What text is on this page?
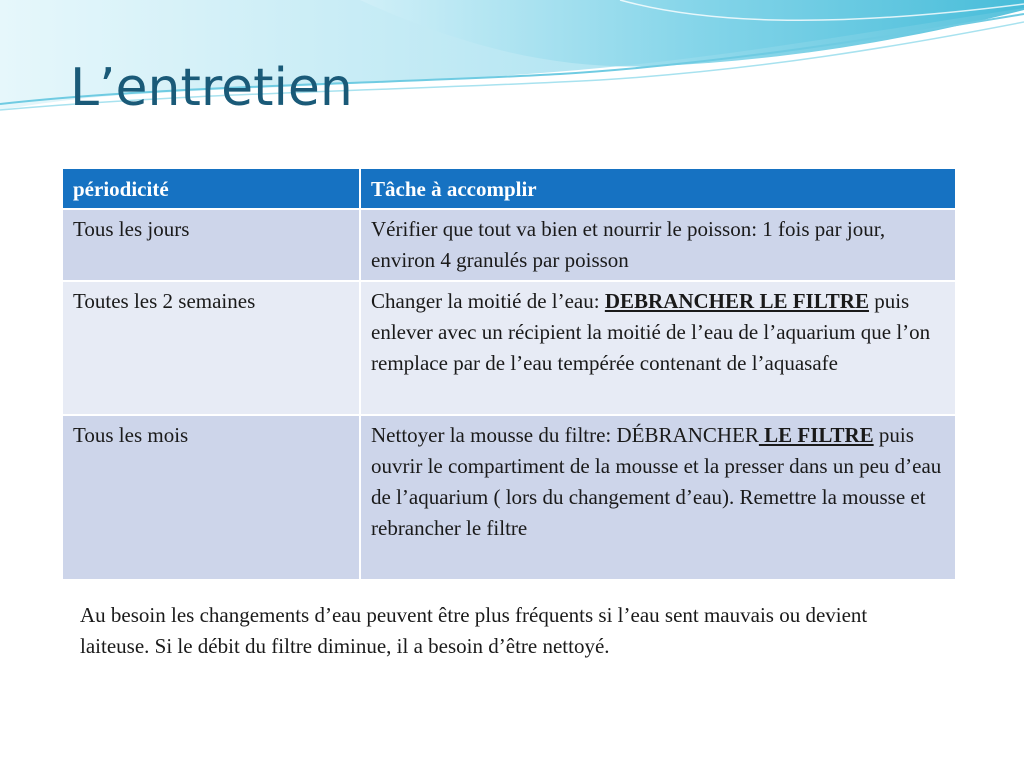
L’entretien
périodicité	Tâche à accomplir
Tous les jours	Vérifier que tout va bien et nourrir le poisson: 1 fois par jour, environ 4 granulés par poisson
Toutes les 2 semaines	Changer la moitié de l’eau: DEBRANCHER LE FILTRE puis enlever avec un récipient la moitié de l’eau de l’aquarium que l’on remplace par de l’eau tempérée contenant de l’aquasafe
Tous les mois	Nettoyer la mousse du filtre: DÉBRANCHER LE FILTRE puis ouvrir le compartiment de la mousse et la presser dans un peu d’eau de l’aquarium ( lors du changement d’eau). Remettre la mousse et rebrancher le filtre

Au besoin les changements d’eau peuvent être plus fréquents si l’eau sent mauvais ou devient laiteuse. Si le débit du filtre diminue, il a besoin d’être nettoyé.
